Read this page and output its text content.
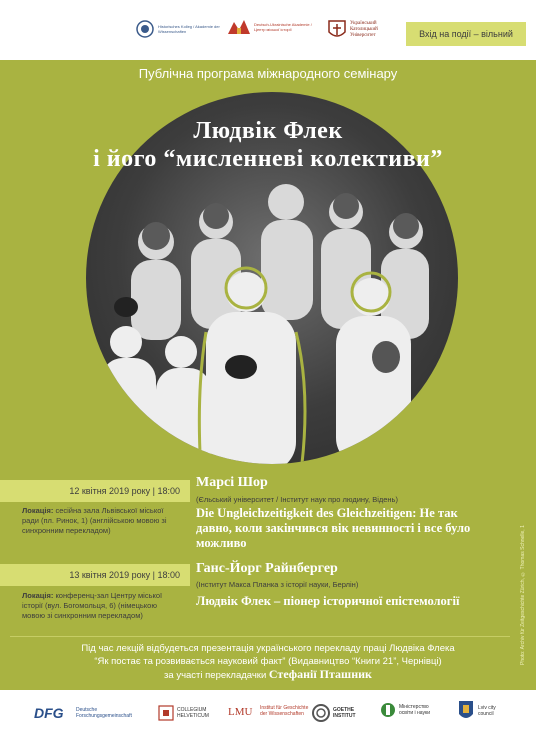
Historisches Kolleg / Akademie der Wissenschaften
Deutsch-Ukrainische Akademie / Центр міської історії
Український Католицький Університет	Вхід на події – вільний
Публічна програма міжнародного семінару
Людвік Флек
і його “мисленневі колективи”
12 квітня 2019 року | 18:00
Локація: сесійна зала Львівської міської ради (пл. Ринок, 1) (англійською мовою зі синхронним перекладом)
Марсі Шор
(Єльський університет / Інститут наук про людину, Відень)
Die Ungleichzeitigkeit des Gleichzeitigen: Не так давно, коли закінчився вік невинності і все було можливо
13 квітня 2019 року | 18:00
Локація: конференц-зал Центру міської історії (вул. Богомольця, 6) (німецькою мовою зі синхронним перекладом)
Ганс-Йорг Райнбергер
(Інститут Макса Планка з історії науки, Берлін)
Людвік Флек – піонер історичної епістемології
Під час лекцій відбудеться презентація українського перекладу праці Людвіка Флека
“Як постає та розвивається науковий факт” (Видавництво “Книги 21”, Чернівці)
за участі перекладачки Стефанії Пташник
Photo: Archiv für Zeitgeschichte Zürich, © Thomas Schnelle, 1
DFG Deutsche Forschungsgemeinschaft
COLLEGIUM HELVETICUM	LMU Institut für Geschichte der Wissenschaften
GOETHE INSTITUT
Міністерство освіти і науки
Lviv city council
